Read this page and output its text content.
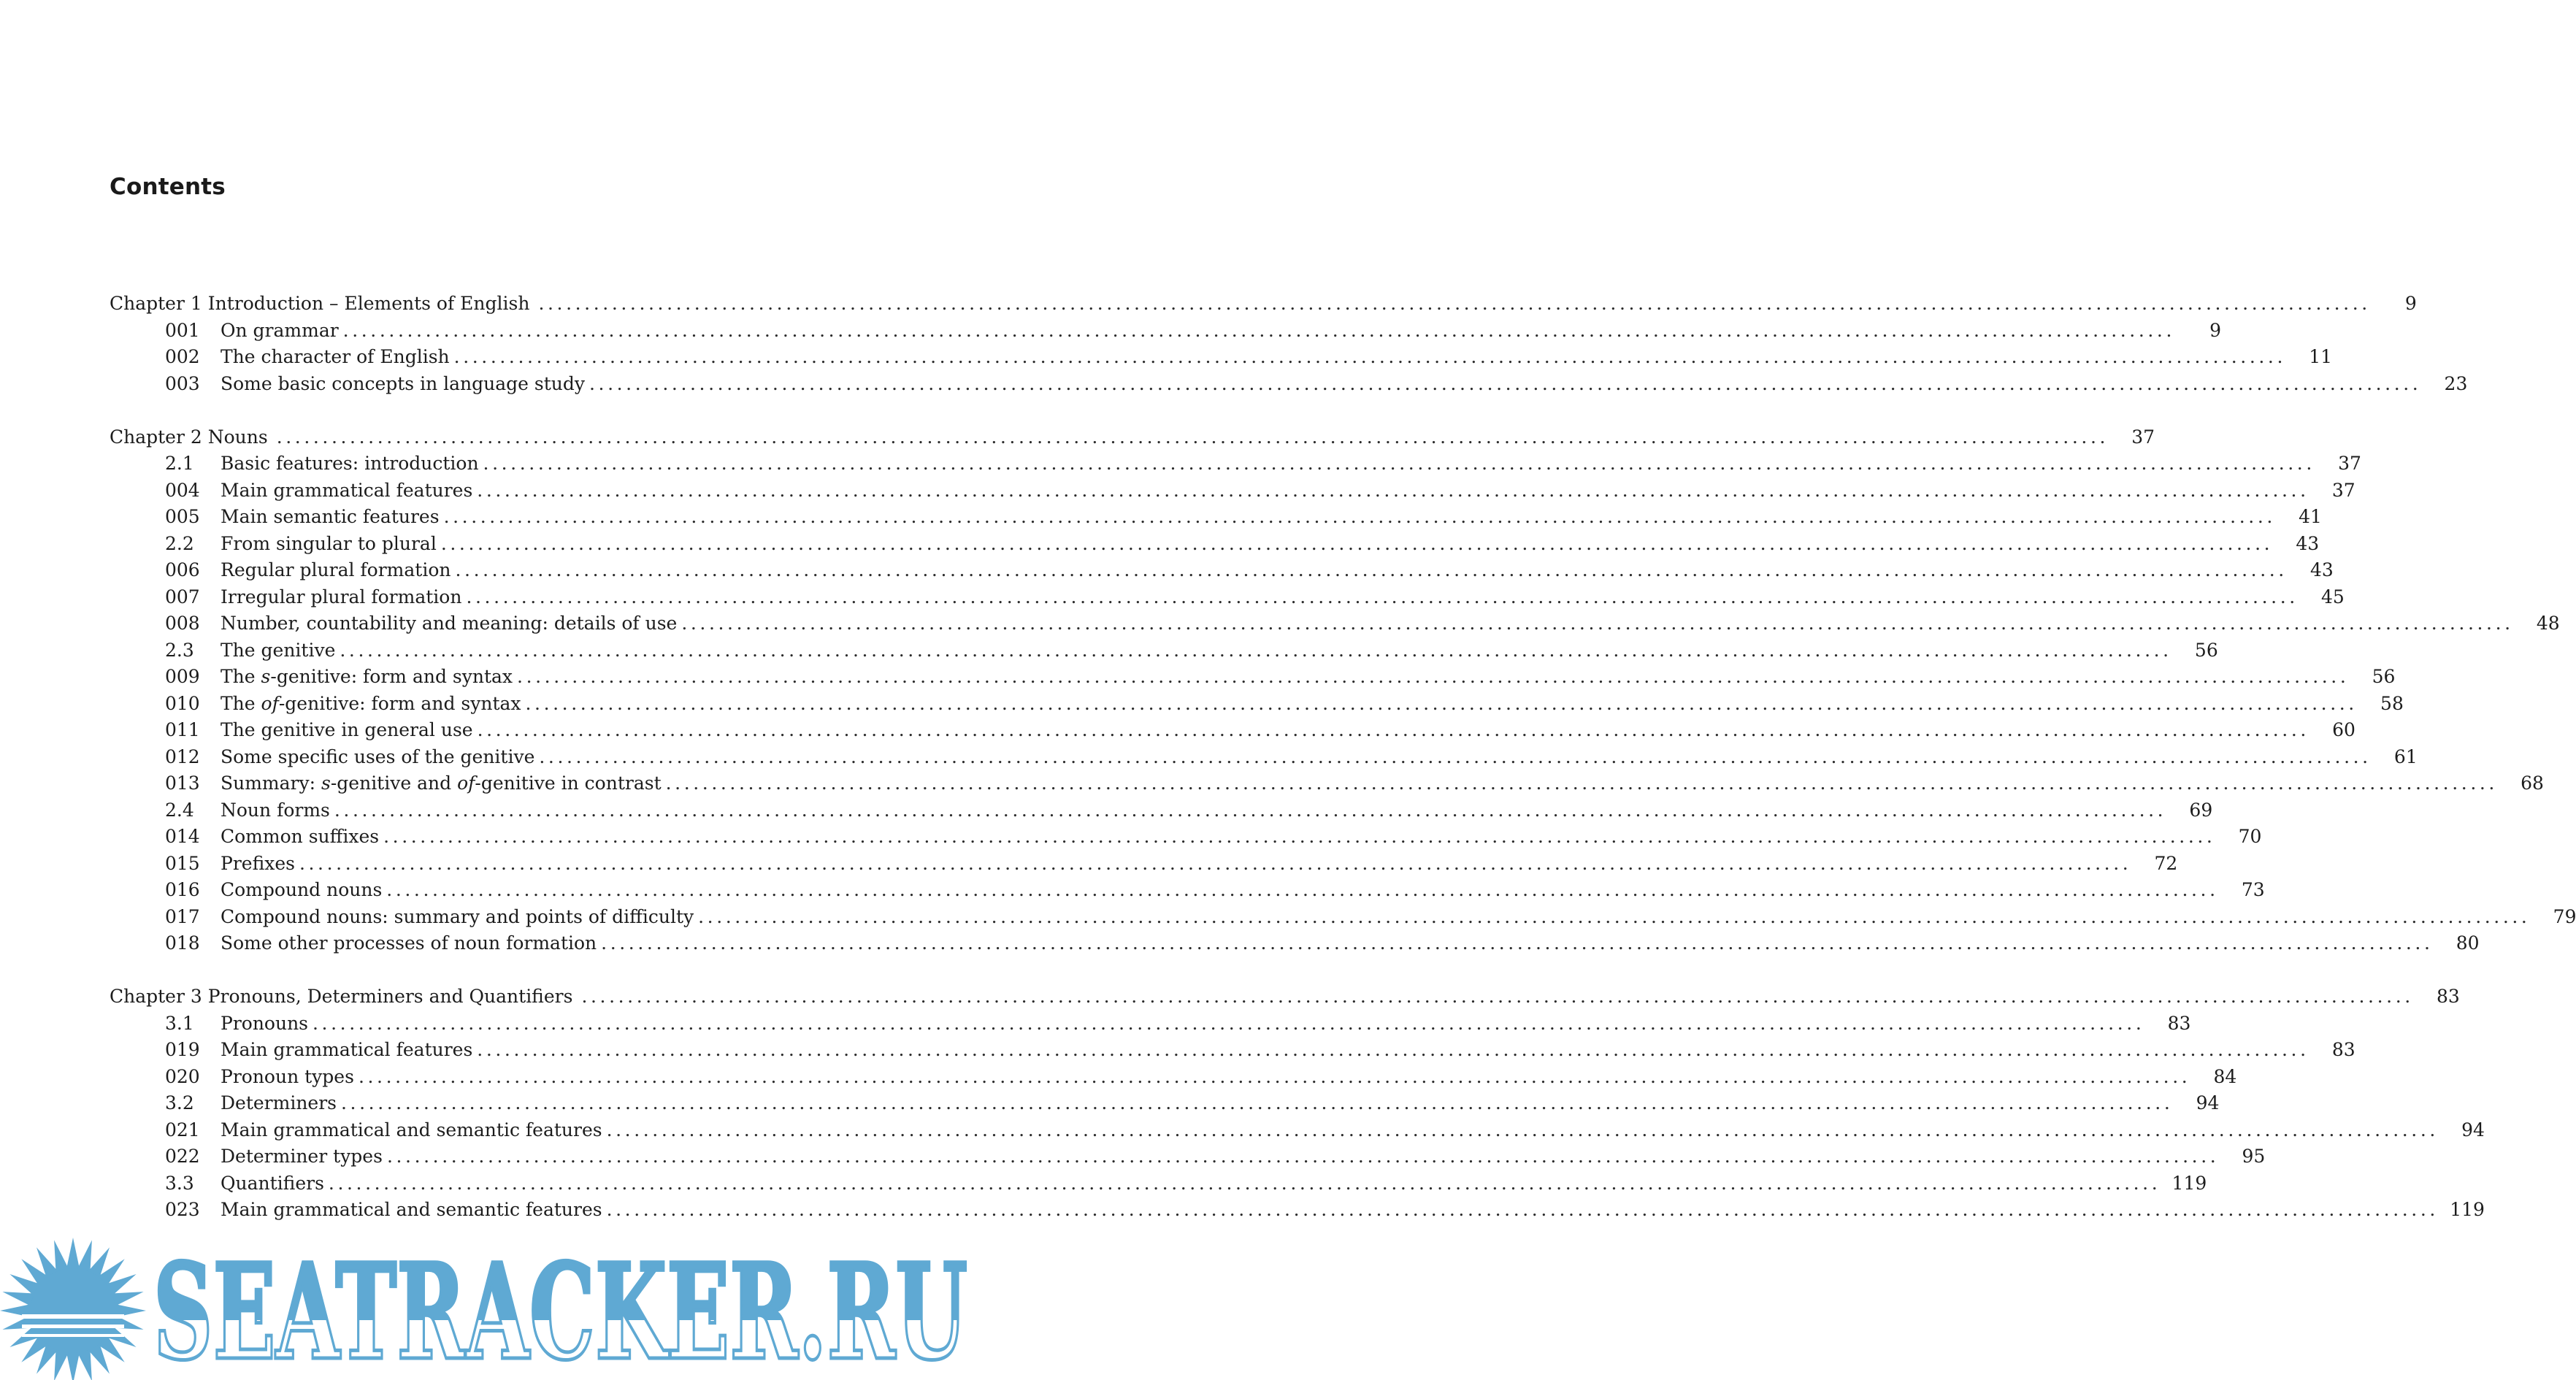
Contents
Chapter 1 Introduction – Elements of English ........................................................................................................................................................................................................	9
001	On grammar ........................................................................................................................................................................................................	9
002	The character of English ........................................................................................................................................................................................................	11
003	Some basic concepts in language study ........................................................................................................................................................................................................	23
Chapter 2 Nouns ........................................................................................................................................................................................................	37
2.1	Basic features: introduction ........................................................................................................................................................................................................	37
004	Main grammatical features ........................................................................................................................................................................................................	37
005	Main semantic features ........................................................................................................................................................................................................	41
2.2	From singular to plural ........................................................................................................................................................................................................	43
006	Regular plural formation ........................................................................................................................................................................................................	43
007	Irregular plural formation ........................................................................................................................................................................................................	45
008	Number, countability and meaning: details of use ........................................................................................................................................................................................................	48
2.3	The genitive ........................................................................................................................................................................................................	56
009	The s-genitive: form and syntax ........................................................................................................................................................................................................	56
010	The of-genitive: form and syntax ........................................................................................................................................................................................................	58
011	The genitive in general use ........................................................................................................................................................................................................	60
012	Some specific uses of the genitive ........................................................................................................................................................................................................	61
013	Summary: s-genitive and of-genitive in contrast ........................................................................................................................................................................................................	68
2.4	Noun forms ........................................................................................................................................................................................................	69
014	Common suffixes ........................................................................................................................................................................................................	70
015	Prefixes ........................................................................................................................................................................................................	72
016	Compound nouns ........................................................................................................................................................................................................	73
017	Compound nouns: summary and points of difficulty ........................................................................................................................................................................................................	79
018	Some other processes of noun formation ........................................................................................................................................................................................................	80
Chapter 3 Pronouns, Determiners and Quantifiers ........................................................................................................................................................................................................	83
3.1	Pronouns ........................................................................................................................................................................................................	83
019	Main grammatical features ........................................................................................................................................................................................................	83
020	Pronoun types ........................................................................................................................................................................................................	84
3.2	Determiners ........................................................................................................................................................................................................	94
021	Main grammatical and semantic features ........................................................................................................................................................................................................	94
022	Determiner types ........................................................................................................................................................................................................	95
3.3	Quantifiers ........................................................................................................................................................................................................ 119
023	Main grammatical and semantic features ........................................................................................................................................................................................................ 119
SEATRACKER.RU
